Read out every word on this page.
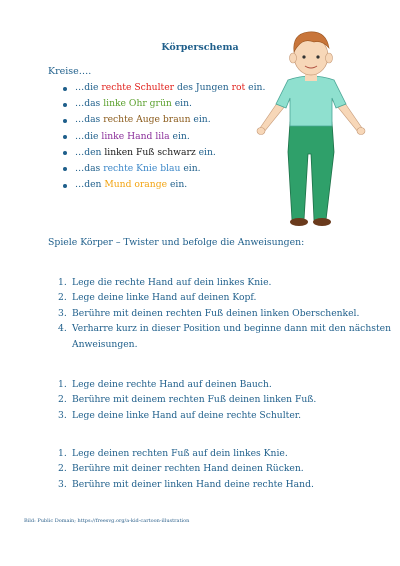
Körperschema
Kreise….
…die rechte Schulter des Jungen rot ein.
…das linke Ohr grün ein.
…das rechte Auge braun ein.
…die linke Hand lila ein.
…den linken Fuß schwarz ein.
…das rechte Knie blau ein.
…den Mund orange ein.
Spiele Körper – Twister und befolge die Anweisungen:
1. Lege die rechte Hand auf dein linkes Knie.
2. Lege deine linke Hand auf deinen Kopf.
3. Berühre mit deinen rechten Fuß deinen linken Oberschenkel.
4. Verharre kurz in dieser Position und beginne dann mit den nächsten Anweisungen.
1. Lege deine rechte Hand auf deinen Bauch.
2. Berühre mit deinem rechten Fuß deinen linken Fuß.
3. Lege deine linke Hand auf deine rechte Schulter.
1. Lege deinen rechten Fuß auf dein linkes Knie.
2. Berühre mit deiner rechten Hand deinen Rücken.
3. Berühre mit deiner linken Hand deine rechte Hand.
Bild: Public Domain; https://freesvg.org/a-kid-cartoon-illustration
